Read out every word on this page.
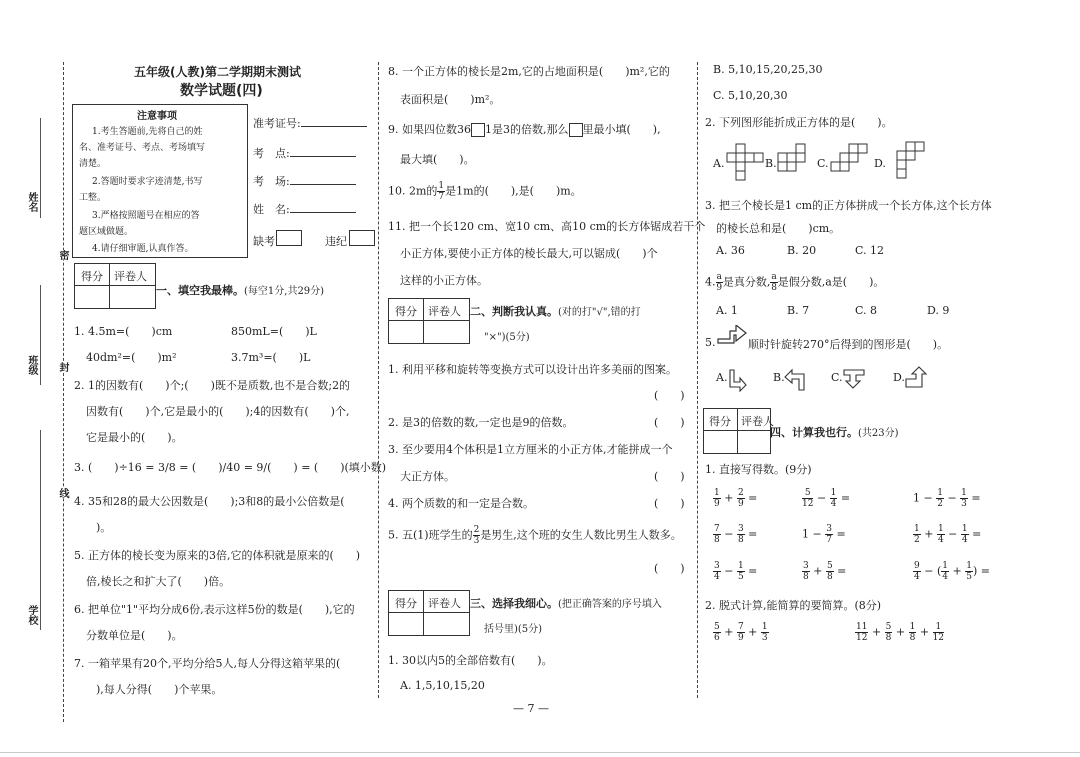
姓名
班级
学校
密
封
线
五年级(人教)第二学期期末测试
数学试题(四)
注意事项
1.考生答题前,先将自己的姓
名、准考证号、考点、考场填写
清楚。
2.答题时要求字迹清楚,书写
工整。
3.严格按照题号在相应的答
题区域做题。
4.请仔细审题,认真作答。
准考证号:
考　点:
考　场:
姓　名:
缺考	违纪
得分 评卷人
一、填空我最棒。(每空1分,共29分)
1. 4.5m=(　　)cm	850mL=(　　)L
40dm²=(　　)m²	3.7m³=(　　)L
2. 1的因数有(　　)个;(　　)既不是质数,也不是合数;2的
因数有(　　)个,它是最小的(　　);4的因数有(　　)个,
它是最小的(　　)。
3. (　　)÷16 = 3/8 = (　　)/40 = 9/(　　) = (　　)(填小数)
4. 35和28的最大公因数是(　　);3和8的最小公倍数是(
)。
5. 正方体的棱长变为原来的3倍,它的体积就是原来的(　　)
倍,棱长之和扩大了(　　)倍。
6. 把单位"1"平均分成6份,表示这样5份的数是(　　),它的
分数单位是(　　)。
7. 一箱苹果有20个,平均分给5人,每人分得这箱苹果的(
),每人分得(　　)个苹果。
8. 一个正方体的棱长是2m,它的占地面积是(　　)m²,它的
表面积是(　　)m²。
9. 如果四位数36 1是3的倍数,那么 里最小填(　　),
最大填(　　)。
10. 2m的 $\frac{1}{7}$ 是1m的(　　),是(　　)m。
11. 把一个长120 cm、宽10 cm、高10 cm的长方体锯成若干个
小正方体,要使小正方体的棱长最大,可以锯成(　　)个
这样的小正方体。
得分 评卷人 二、判断我认真。(对的打"√",错的打
"×")(5分)
1. 利用平移和旋转等变换方式可以设计出许多美丽的图案。
(　　)
2. 是3的倍数的数,一定也是9的倍数。	(　　)
3. 至少要用4个体积是1立方厘米的小正方体,才能拼成一个
大正方体。	(　　)
4. 两个质数的和一定是合数。	(　　)
5. 五(1)班学生的 $\frac{2}{3}$ 是男生,这个班的女生人数比男生人数多。
(　　)
得分 评卷人 三、选择我细心。(把正确答案的序号填入
括号里)(5分)
1. 30以内5的全部倍数有(　　)。
A. 1,5,10,15,20
— 7 —
B. 5,10,15,20,25,30
C. 5,10,20,30
2. 下列图形能折成正方体的是(　　)。
A.	B.	C.	D.
3. 把三个棱长是1 cm的正方体拼成一个长方体,这个长方体
的棱长总和是(　　)cm。
A. 36	B. 20	C. 12
4. $\frac{a}{9}$ 是真分数, $\frac{a}{8}$ 是假分数,a是(　　)。
A. 1	B. 7	C. 8	D. 9
5.	顺时针旋转270°后得到的图形是(　　)。
A.	B.	C.	D.
得分 评卷人
四、计算我也行。(共23分)
1. 直接写得数。(9分)
$\frac{1}{9} + \frac{2}{9}$ =	$\frac{5}{12} - \frac{1}{4}$ =	$1 - \frac{1}{2} - \frac{1}{3}$ =
$\frac{7}{8} - \frac{3}{8}$ =	$1 - \frac{3}{7}$ =	$\frac{1}{2} + \frac{1}{4} - \frac{1}{4}$ =
$\frac{3}{4} - \frac{1}{5}$ =	$\frac{3}{8} + \frac{5}{8}$ =	$\frac{9}{4}$ − ( $\frac{1}{4} + \frac{1}{5}$ ) =
2. 脱式计算,能简算的要简算。(8分)
$\frac{5}{6} + \frac{7}{9} + \frac{1}{3}$	$\frac{11}{12} + \frac{5}{8} + \frac{1}{8} + \frac{1}{12}$
